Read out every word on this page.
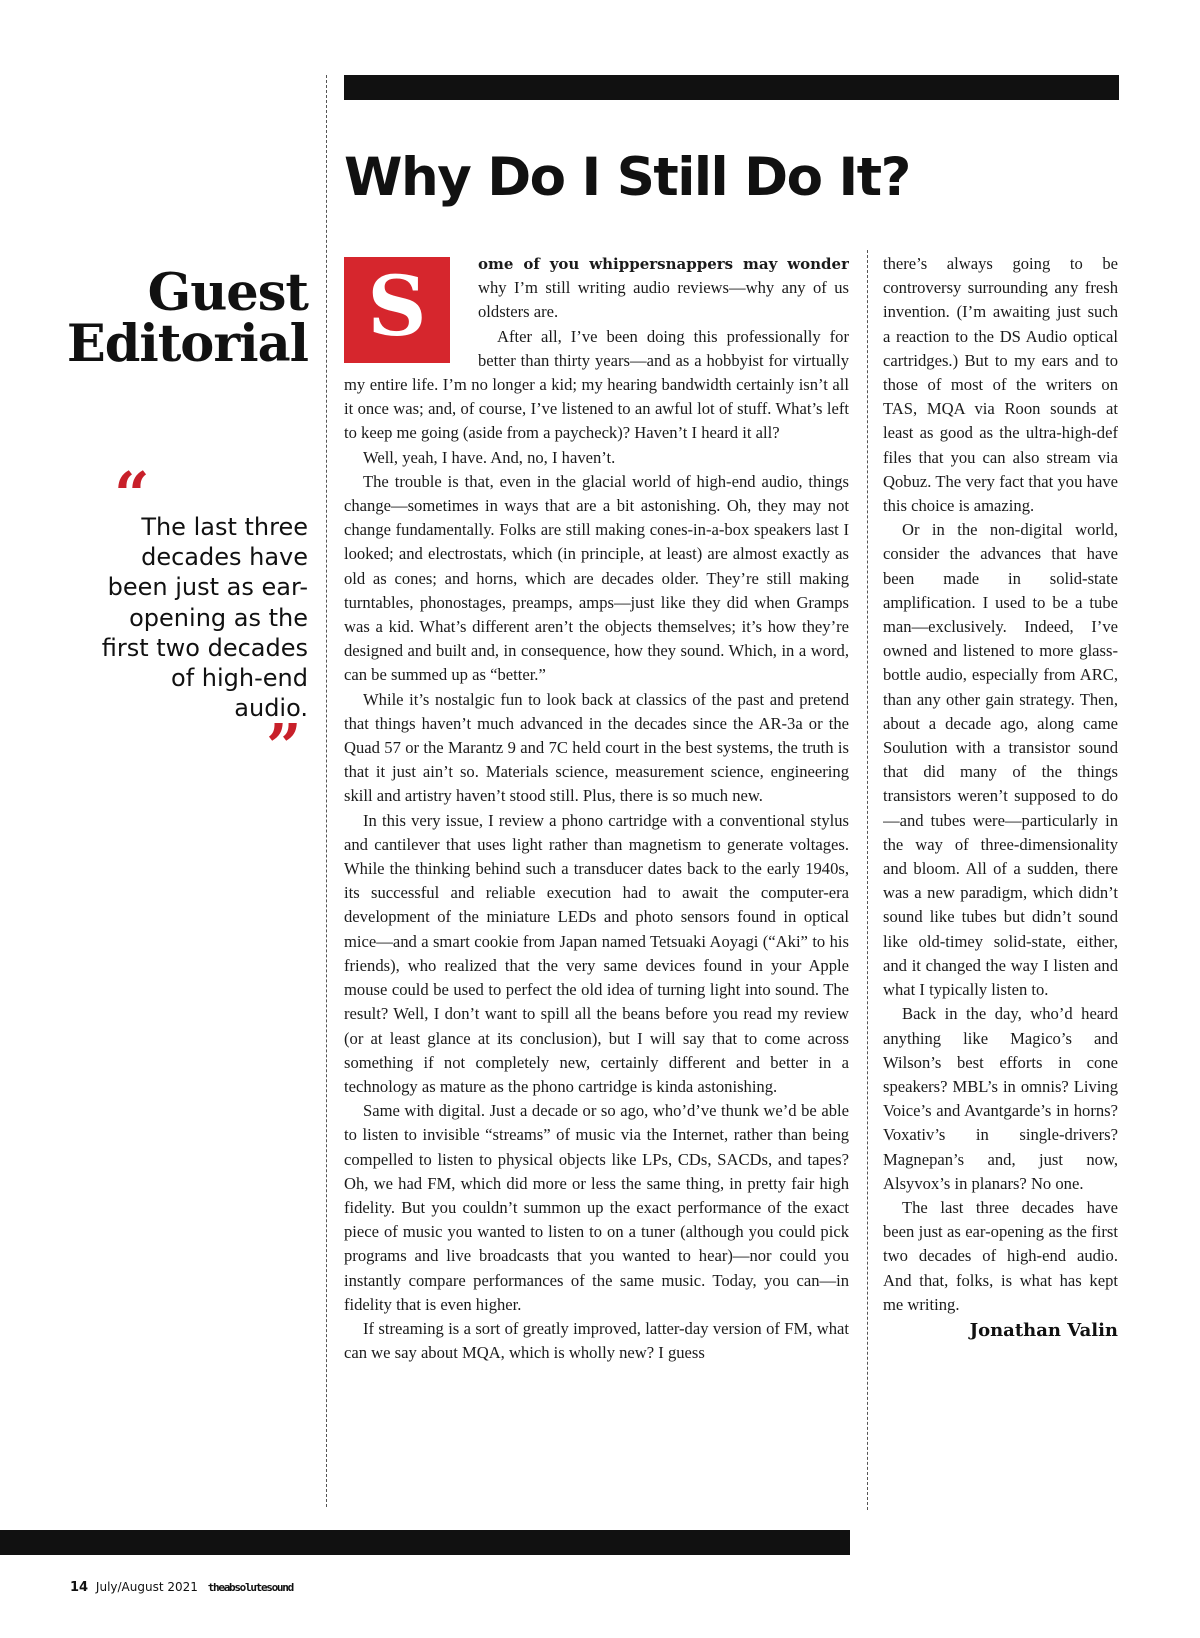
Why Do I Still Do It?
Guest
Editorial
“
The last three decades have been just as ear-opening as the first two decades of high-end audio.
”
S	ome of you whippersnappers may wonder why I’m still writing audio reviews—why any of us oldsters are.

After all, I’ve been doing this professionally for better than thirty years—and as a hobbyist for virtually my entire life. I’m no longer a kid; my hearing bandwidth certainly isn’t all it once was; and, of course, I’ve listened to an awful lot of stuff. What’s left to keep me going (aside from a paycheck)? Haven’t I heard it all?

Well, yeah, I have. And, no, I haven’t.

The trouble is that, even in the glacial world of high-end audio, things change—sometimes in ways that are a bit astonishing. Oh, they may not change fundamentally. Folks are still making cones-in-a-box speakers last I looked; and electrostats, which (in principle, at least) are almost exactly as old as cones; and horns, which are decades older. They’re still making turntables, phonostages, preamps, amps—just like they did when Gramps was a kid. What’s different aren’t the objects themselves; it’s how they’re designed and built and, in consequence, how they sound. Which, in a word, can be summed up as “better.”

While it’s nostalgic fun to look back at classics of the past and pretend that things haven’t much advanced in the decades since the AR-3a or the Quad 57 or the Marantz 9 and 7C held court in the best systems, the truth is that it just ain’t so. Materials science, measurement science, engineering skill and artistry haven’t stood still. Plus, there is so much new.

In this very issue, I review a phono cartridge with a conventional stylus and cantilever that uses light rather than magnetism to generate voltages. While the thinking behind such a transducer dates back to the early 1940s, its successful and reliable execution had to await the computer-era development of the miniature LEDs and photo sensors found in optical mice—and a smart cookie from Japan named Tetsuaki Aoyagi (“Aki” to his friends), who realized that the very same devices found in your Apple mouse could be used to perfect the old idea of turning light into sound. The result? Well, I don’t want to spill all the beans before you read my review (or at least glance at its conclusion), but I will say that to come across something if not completely new, certainly different and better in a technology as mature as the phono cartridge is kinda astonishing.

Same with digital. Just a decade or so ago, who’d’ve thunk we’d be able to listen to invisible “streams” of music via the Internet, rather than being compelled to listen to physical objects like LPs, CDs, SACDs, and tapes? Oh, we had FM, which did more or less the same thing, in pretty fair high fidelity. But you couldn’t summon up the exact performance of the exact piece of music you wanted to listen to on a tuner (although you could pick programs and live broadcasts that you wanted to hear)—nor could you instantly compare performances of the same music. Today, you can—in fidelity that is even higher.

If streaming is a sort of greatly improved, latter-day version of FM, what can we say about MQA, which is wholly new? I guess

there’s always going to be controversy surrounding any fresh invention. (I’m awaiting just such a reaction to the DS Audio optical cartridges.) But to my ears and to those of most of the writers on TAS, MQA via Roon sounds at least as good as the ultra-high-def files that you can also stream via Qobuz. The very fact that you have this choice is amazing.

Or in the non-digital world, consider the advances that have been made in solid-state amplification. I used to be a tube man—exclusively. Indeed, I’ve owned and listened to more glass-bottle audio, especially from ARC, than any other gain strategy. Then, about a decade ago, along came Soulution with a transistor sound that did many of the things transistors weren’t supposed to do—and tubes were—particularly in the way of three-dimensionality and bloom. All of a sudden, there was a new paradigm, which didn’t sound like tubes but didn’t sound like old-timey solid-state, either, and it changed the way I listen and what I typically listen to.

Back in the day, who’d heard anything like Magico’s and Wilson’s best efforts in cone speakers? MBL’s in omnis? Living Voice’s and Avantgarde’s in horns? Voxativ’s in single-drivers? Magnepan’s and, just now, Alsyvox’s in planars? No one.

The last three decades have been just as ear-opening as the first two decades of high-end audio. And that, folks, is what has kept me writing.

Jonathan Valin
14 July/August 2021 theabsolutesound
